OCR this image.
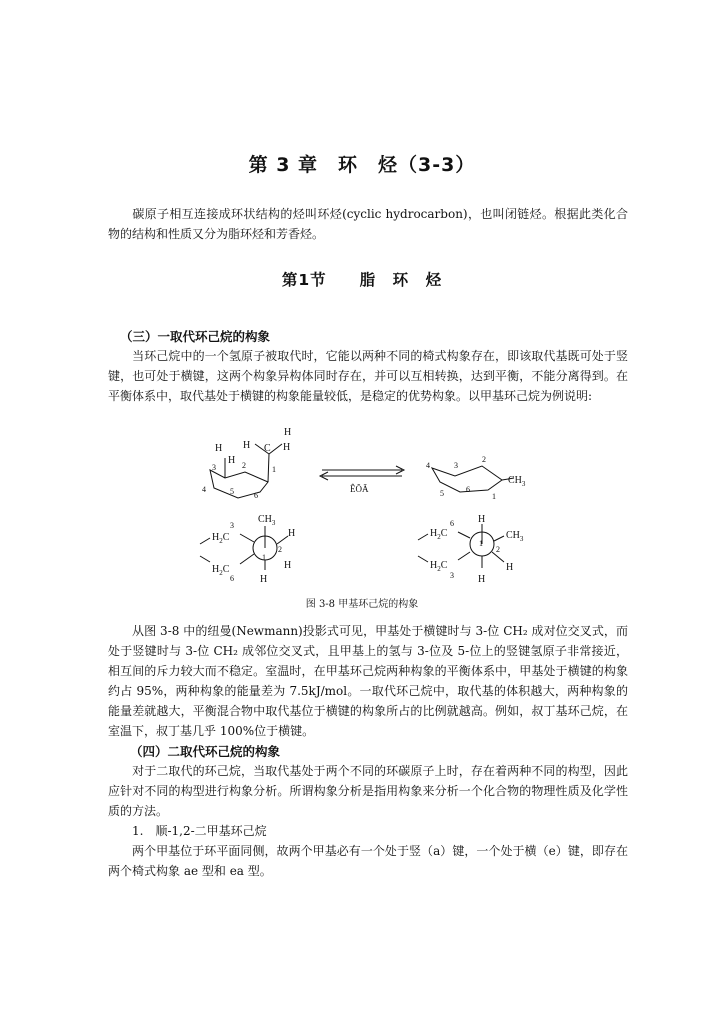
第 3 章　环　烃（3-3）

碳原子相互连接成环状结构的烃叫环烃(cyclic hydrocarbon)，也叫闭链烃。根据此类化合物的结构和性质又分为脂环烃和芳香烃。

第1节　　脂　环　烃
（三）一取代环己烷的构象

当环己烷中的一个氢原子被取代时，它能以两种不同的椅式构象存在，即该取代基既可处于竖键，也可处于横键，这两个构象异构体同时存在，并可以互相转换，达到平衡，不能分离得到。在平衡体系中，取代基处于横键的构象能量较低，是稳定的优势构象。以甲基环己烷为例说明:

H
H C H
H
H
1
2
3
4	5	6
ÊÕÃ
4	3
2
1
6
5
$CH_3$
$CH_3$
H
H
H
$H_2C$
$H_2C$
3
6
2
1
H
$CH_3$
H
H
$H_2C$
$H_2C$
6
3
2
1
图 3-8 甲基环己烷的构象

从图 3-8 中的纽曼(Newmann)投影式可见，甲基处于横键时与 3-位 CH₂ 成对位交叉式，而处于竖键时与 3-位 CH₂ 成邻位交叉式，且甲基上的氢与 3-位及 5-位上的竖键氢原子非常接近，相互间的斥力较大而不稳定。室温时，在甲基环己烷两种构象的平衡体系中，甲基处于横键的构象约占 95%，两种构象的能量差为 7.5kJ/mol。一取代环己烷中，取代基的体积越大，两种构象的能量差就越大，平衡混合物中取代基位于横键的构象所占的比例就越高。例如，叔丁基环己烷，在室温下，叔丁基几乎 100%位于横键。

（四）二取代环己烷的构象

对于二取代的环己烷，当取代基处于两个不同的环碳原子上时，存在着两种不同的构型，因此应针对不同的构型进行构象分析。所谓构象分析是指用构象来分析一个化合物的物理性质及化学性质的方法。

1.　顺-1,2-二甲基环己烷

两个甲基位于环平面同侧，故两个甲基必有一个处于竖（a）键，一个处于横（e）键，即存在两个椅式构象 ae 型和 ea 型。
